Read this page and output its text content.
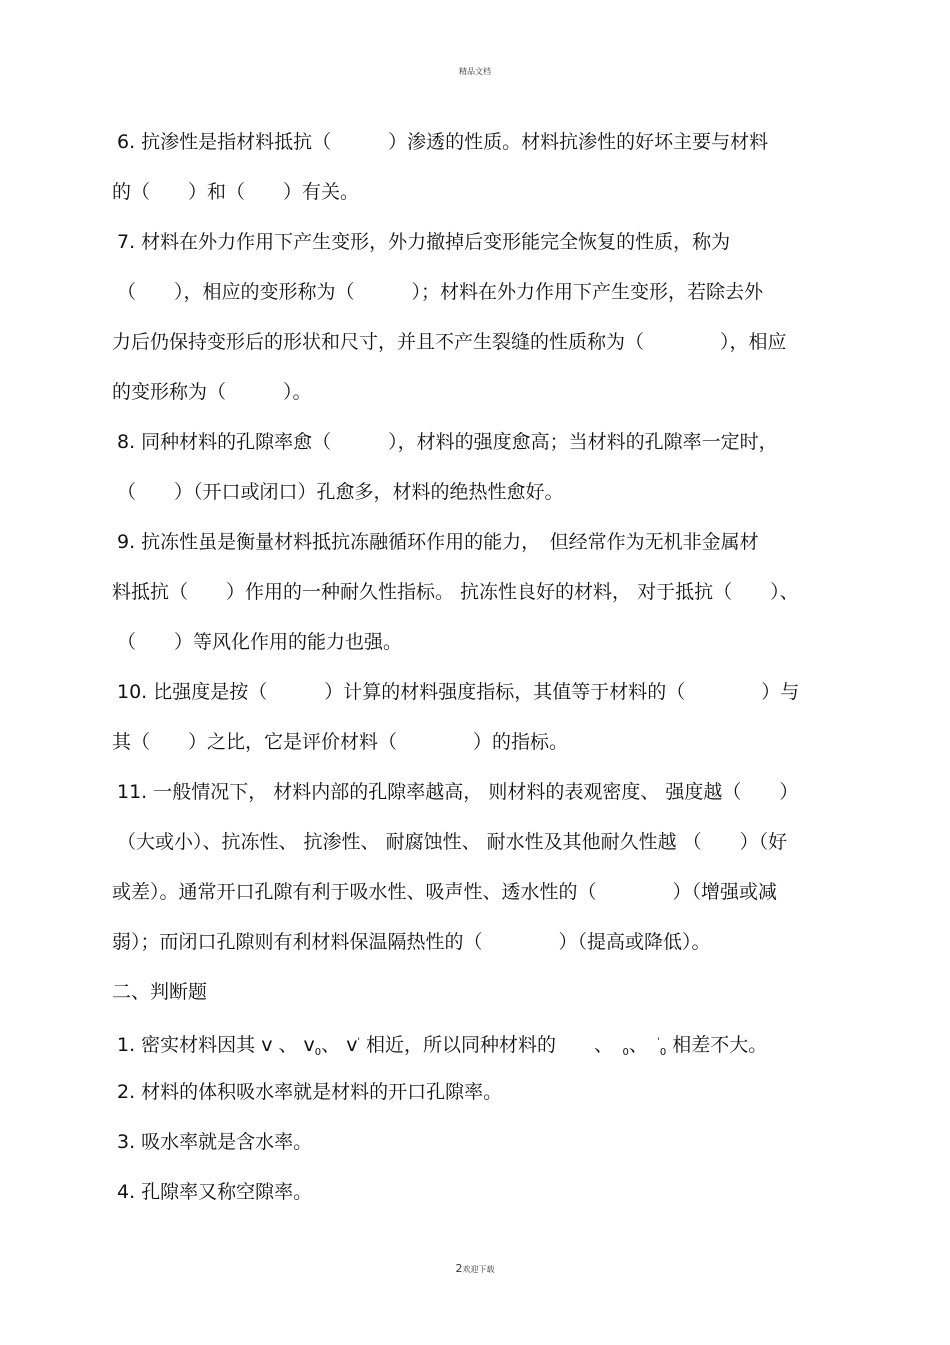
精品文档
6. 抗渗性是指材料抵抗（　　　）渗透的性质。材料抗渗性的好坏主要与材料
的（　　）和（　　）有关。
7. 材料在外力作用下产生变形，外力撤掉后变形能完全恢复的性质，称为
（　　），相应的变形称为（　　　）；材料在外力作用下产生变形，若除去外
力后仍保持变形后的形状和尺寸，并且不产生裂缝的性质称为（　　　　），相应
的变形称为（　　　）。
8. 同种材料的孔隙率愈（　　　），材料的强度愈高；当材料的孔隙率一定时，
（　　）（开口或闭口）孔愈多，材料的绝热性愈好。
9. 抗冻性虽是衡量材料抵抗冻融循环作用的能力，　但经常作为无机非金属材
料抵抗（　　）作用的一种耐久性指标。 抗冻性良好的材料， 对于抵抗（　　）、
（　　）等风化作用的能力也强。
10. 比强度是按（　　　）计算的材料强度指标，其值等于材料的（　　　　）与
其（　　）之比，它是评价材料（　　　　）的指标。
11. 一般情况下， 材料内部的孔隙率越高， 则材料的表观密度、 强度越（　　）
（大或小）、抗冻性、 抗渗性、 耐腐蚀性、 耐水性及其他耐久性越 （　　）（好
或差）。通常开口孔隙有利于吸水性、吸声性、透水性的（　　　　）（增强或减
弱）；而闭口孔隙则有利材料保温隔热性的（　　　　）（提高或降低）。
二、判断题
1. 密实材料因其 v 、 $v_0$、 v' 相近，所以同种材料的　　、　$_0$、　'$_0$ 相差不大。
2. 材料的体积吸水率就是材料的开口孔隙率。
3. 吸水率就是含水率。
4. 孔隙率又称空隙率。
2欢迎下载
